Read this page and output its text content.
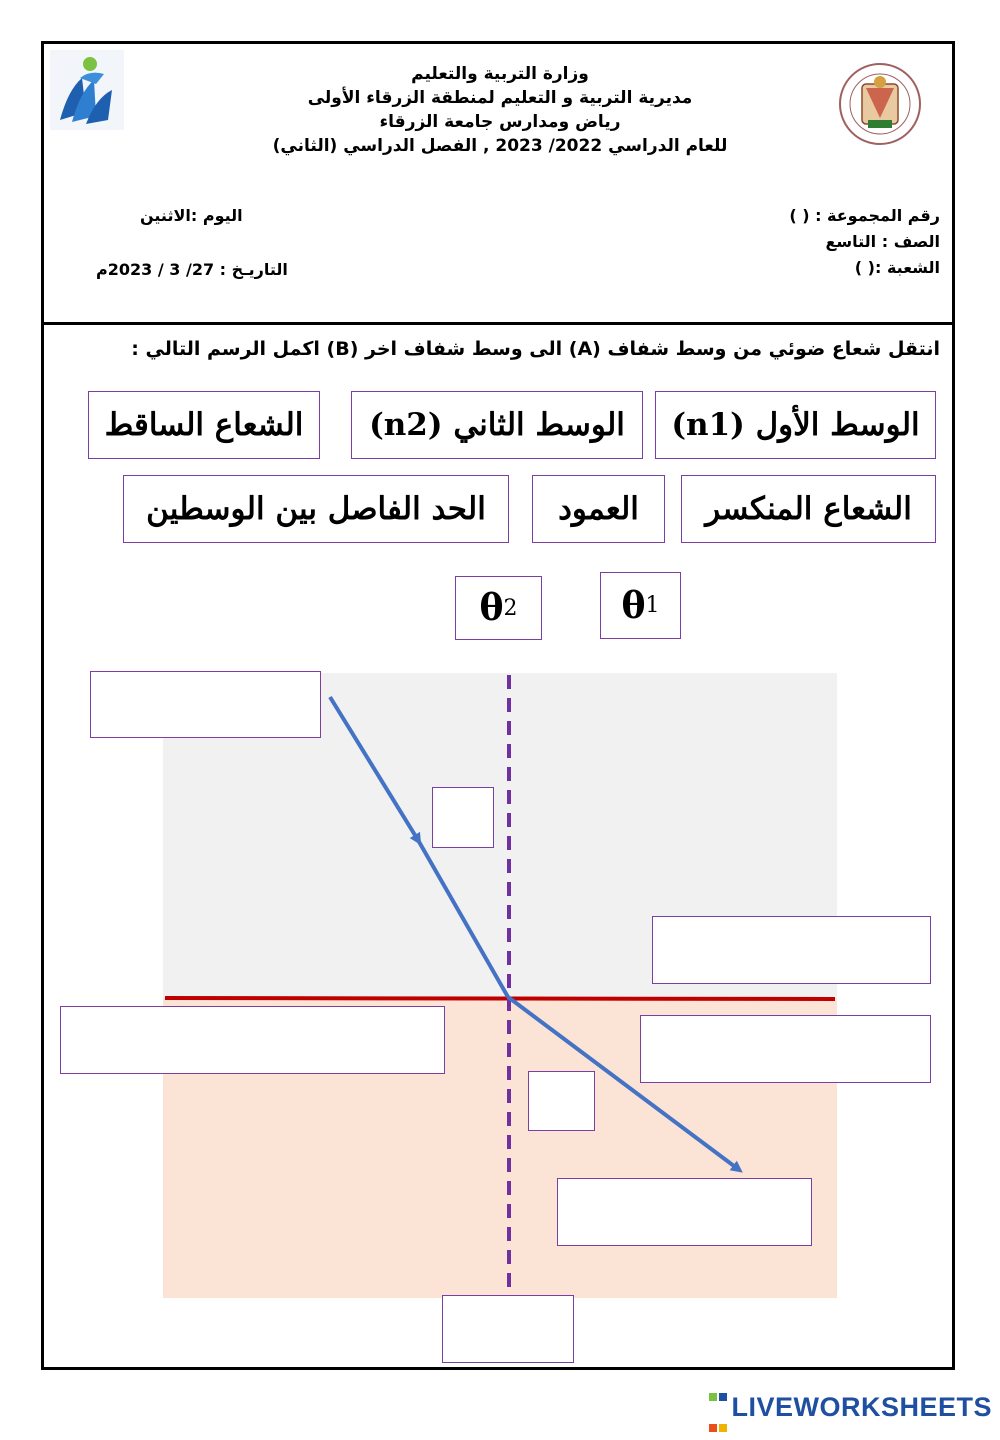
وزارة التربية والتعليم
مديرية التربية و التعليم لمنطقة الزرقاء الأولى
رياض ومدارس جامعة الزرقاء
للعام الدراسي 2022/ 2023 , الفصل الدراسي (الثاني)
رقم المجموعة : ( )
الصف : التاسع
الشعبة :( )
اليوم :الاثنين
التاريـخ : 27/ 3 / 2023م
انتقل شعاع ضوئي من وسط شفاف (A) الى وسط شفاف اخر (B) اكمل الرسم التالي :
الوسط الأول (n1)
الوسط الثاني (n2)
الشعاع الساقط
الشعاع المنكسر
العمود
الحد الفاصل بين الوسطين
θ 1
θ 2

LIVEWORKSHEETS
